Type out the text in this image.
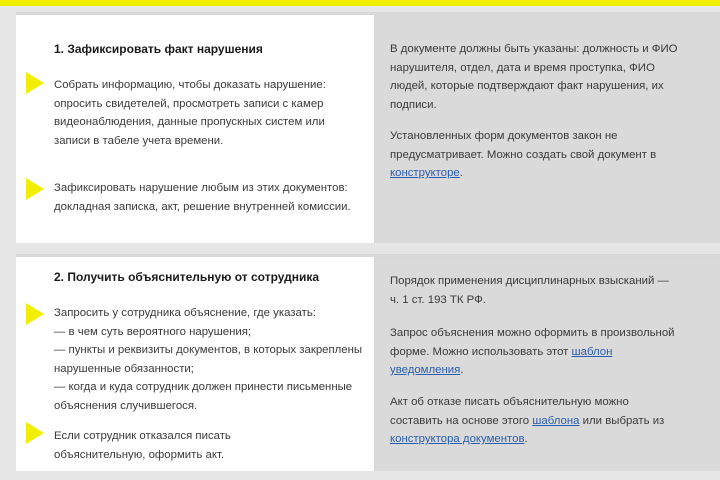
1. Зафиксировать факт нарушения
Собрать информацию, чтобы доказать нарушение: опросить свидетелей, просмотреть записи с камер видеонаблюдения, данные пропускных систем или записи в табеле учета времени.
Зафиксировать нарушение любым из этих документов: докладная записка, акт, решение внутренней комиссии.
В документе должны быть указаны: должность и ФИО нарушителя, отдел, дата и время проступка, ФИО людей, которые подтверждают факт нарушения, их подписи.
Установленных форм документов закон не предусматривает. Можно создать свой документ в конструкторе.
2. Получить объяснительную от сотрудника
Запросить у сотрудника объяснение, где указать:
— в чем суть вероятного нарушения;
— пункты и реквизиты документов, в которых закреплены нарушенные обязанности;
— когда и куда сотрудник должен принести письменные объяснения случившегося.
Если сотрудник отказался писать объяснительную, оформить акт.
Порядок применения дисциплинарных взысканий — ч. 1 ст. 193 ТК РФ.
Запрос объяснения можно оформить в произвольной форме. Можно использовать этот шаблон уведомления.
Акт об отказе писать объяснительную можно составить на основе этого шаблона или выбрать из конструктора документов.
